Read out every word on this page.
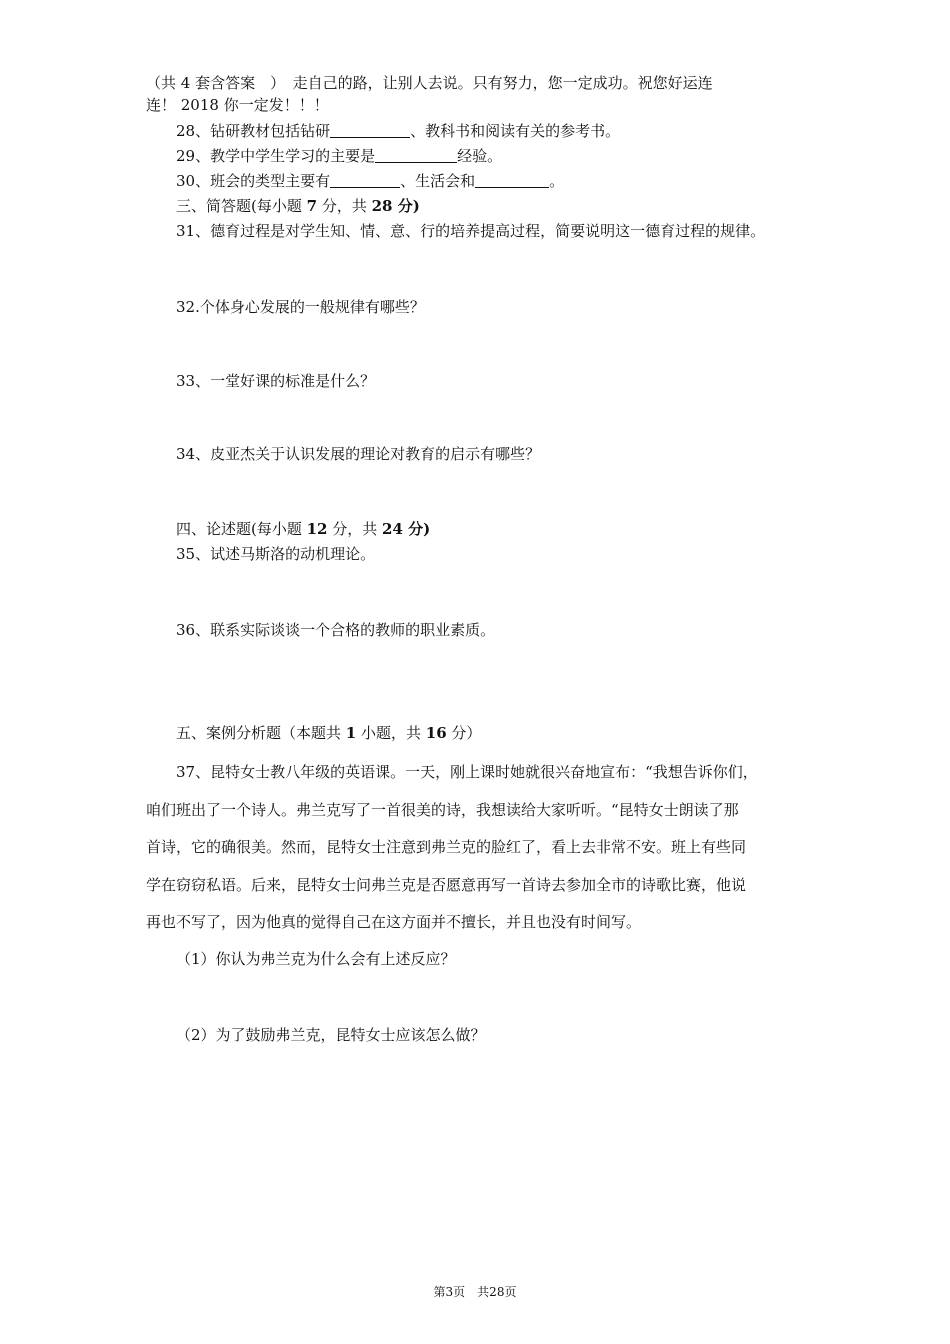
（共 4 套含答案　）　走自己的路，让别人去说。只有努力，您一定成功。祝您好运连
连！ 2018 你一定发！！！
28、钻研教材包括钻研	、教科书和阅读有关的参考书。
29、教学中学生学习的主要是	经验。
30、班会的类型主要有	、生活会和	。
三、简答题(每小题 7 分，共 28 分)
31、德育过程是对学生知、情、意、行的培养提高过程，简要说明这一德育过程的规律。
32.个体身心发展的一般规律有哪些？
33、一堂好课的标准是什么？
34、皮亚杰关于认识发展的理论对教育的启示有哪些？
四、论述题(每小题 12 分，共 24 分)
35、试述马斯洛的动机理论。
36、联系实际谈谈一个合格的教师的职业素质。
五、案例分析题（本题共 1 小题，共 16 分）
37、昆特女士教八年级的英语课。一天，刚上课时她就很兴奋地宣布：“我想告诉你们，
咱们班出了一个诗人。弗兰克写了一首很美的诗，我想读给大家听听。“昆特女士朗读了那
首诗，它的确很美。然而，昆特女士注意到弗兰克的脸红了，看上去非常不安。班上有些同
学在窃窃私语。后来，昆特女士问弗兰克是否愿意再写一首诗去参加全市的诗歌比赛，他说
再也不写了，因为他真的觉得自己在这方面并不擅长，并且也没有时间写。
（1）你认为弗兰克为什么会有上述反应？
（2）为了鼓励弗兰克，昆特女士应该怎么做？
第3页　共28页
